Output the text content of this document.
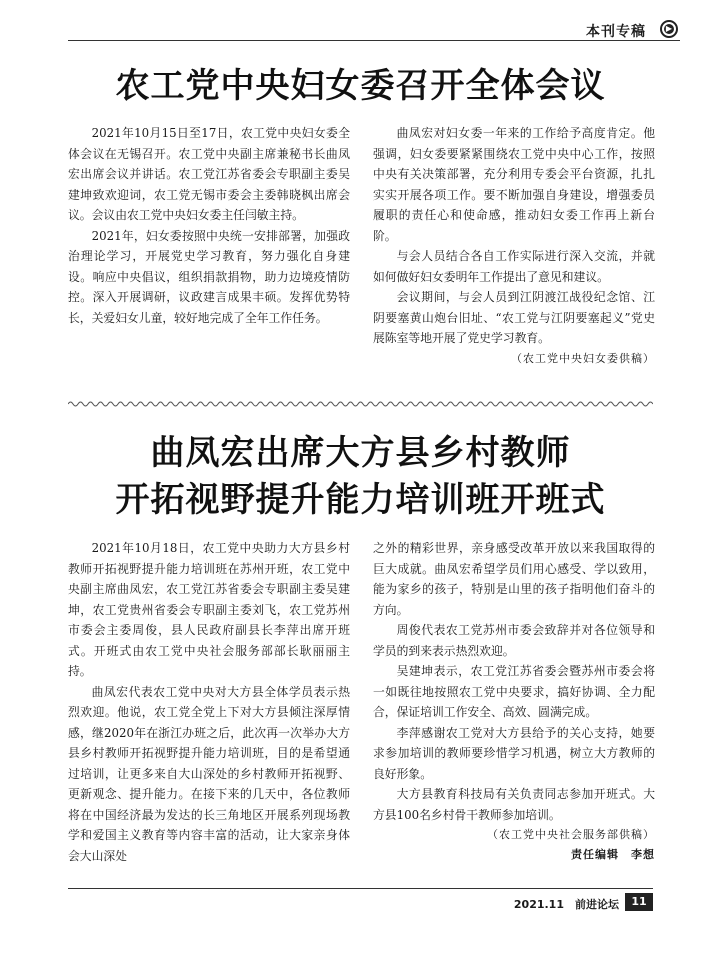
本刊专稿 ▶
农工党中央妇女委召开全体会议

2021年10月15日至17日，农工党中央妇女委全体会议在无锡召开。农工党中央副主席兼秘书长曲凤宏出席会议并讲话。农工党江苏省委会专职副主委吴建坤致欢迎词，农工党无锡市委会主委韩晓枫出席会议。会议由农工党中央妇女委主任闫敏主持。

2021年，妇女委按照中央统一安排部署，加强政治理论学习，开展党史学习教育，努力强化自身建设。响应中央倡议，组织捐款捐物，助力边境疫情防控。深入开展调研，议政建言成果丰硕。发挥优势特长，关爱妇女儿童，较好地完成了全年工作任务。

曲凤宏对妇女委一年来的工作给予高度肯定。他强调，妇女委要紧紧围绕农工党中央中心工作，按照中央有关决策部署，充分利用专委会平台资源，扎扎实实开展各项工作。要不断加强自身建设，增强委员履职的责任心和使命感，推动妇女委工作再上新台阶。

与会人员结合各自工作实际进行深入交流，并就如何做好妇女委明年工作提出了意见和建议。

会议期间，与会人员到江阴渡江战役纪念馆、江阴要塞黄山炮台旧址、“农工党与江阴要塞起义”党史展陈室等地开展了党史学习教育。

（农工党中央妇女委供稿）
曲凤宏出席大方县乡村教师
开拓视野提升能力培训班开班式

2021年10月18日，农工党中央助力大方县乡村教师开拓视野提升能力培训班在苏州开班，农工党中央副主席曲凤宏，农工党江苏省委会专职副主委吴建坤，农工党贵州省委会专职副主委刘飞，农工党苏州市委会主委周俊，县人民政府副县长李萍出席开班式。开班式由农工党中央社会服务部部长耿丽丽主持。

曲凤宏代表农工党中央对大方县全体学员表示热烈欢迎。他说，农工党全党上下对大方县倾注深厚情感，继2020年在浙江办班之后，此次再一次举办大方县乡村教师开拓视野提升能力培训班，目的是希望通过培训，让更多来自大山深处的乡村教师开拓视野、更新观念、提升能力。在接下来的几天中，各位教师将在中国经济最为发达的长三角地区开展系列现场教学和爱国主义教育等内容丰富的活动，让大家亲身体会大山深处

之外的精彩世界，亲身感受改革开放以来我国取得的巨大成就。曲凤宏希望学员们用心感受、学以致用，能为家乡的孩子，特别是山里的孩子指明他们奋斗的方向。

周俊代表农工党苏州市委会致辞并对各位领导和学员的到来表示热烈欢迎。

吴建坤表示，农工党江苏省委会暨苏州市委会将一如既往地按照农工党中央要求，搞好协调、全力配合，保证培训工作安全、高效、圆满完成。

李萍感谢农工党对大方县给予的关心支持，她要求参加培训的教师要珍惜学习机遇，树立大方教师的良好形象。

大方县教育科技局有关负责同志参加开班式。大方县100名乡村骨干教师参加培训。

（农工党中央社会服务部供稿）
责任编辑　李想
2021.11　前进论坛	11
